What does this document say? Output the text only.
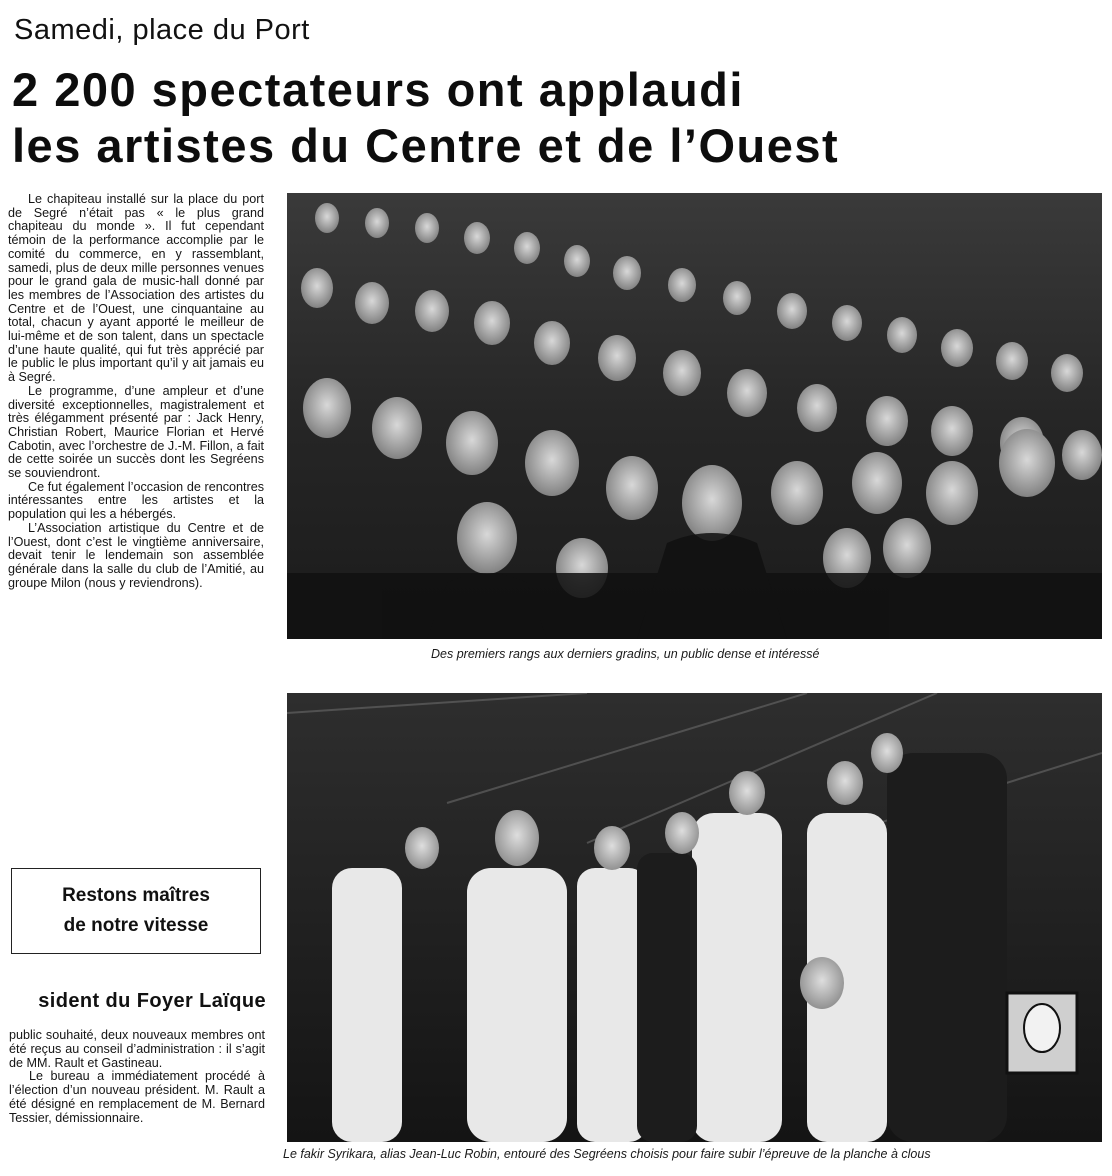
Samedi, place du Port
2 200 spectateurs ont applaudi
les artistes du Centre et de l’Ouest

Le chapiteau installé sur la place du port de Segré n’était pas « le plus grand chapiteau du monde ». Il fut cependant témoin de la performance accomplie par le comité du commerce, en y rassemblant, samedi, plus de deux mille personnes venues pour le grand gala de music-hall donné par les membres de l’Association des artistes du Centre et de l’Ouest, une cinquantaine au total, chacun y ayant apporté le meilleur de lui-même et de son talent, dans un spectacle d’une haute qualité, qui fut très apprécié par le public le plus important qu’il y ait jamais eu à Segré.

Le programme, d’une ampleur et d’une diversité exceptionnelles, magistralement et très élégamment présenté par : Jack Henry, Christian Robert, Maurice Florian et Hervé Cabotin, avec l’orchestre de J.-M. Fillon, a fait de cette soirée un succès dont les Segréens se souviendront.

Ce fut également l’occasion de rencontres intéressantes entre les artistes et la population qui les a hébergés.

L’Association artistique du Centre et de l’Ouest, dont c’est le vingtième anniversaire, devait tenir le lendemain son assemblée générale dans la salle du club de l’Amitié, au groupe Milon (nous y reviendrons).

Restons maîtres
de notre vitesse
sident du Foyer Laïque

public souhaité, deux nouveaux membres ont été reçus au conseil d’administration : il s’agit de MM. Rault et Gastineau.

Le bureau a immédiatement procédé à l’élection d’un nouveau président. M. Rault a été désigné en remplacement de M. Bernard Tessier, démissionnaire.

Des premiers rangs aux derniers gradins, un public dense et intéressé
Le fakir Syrikara, alias Jean-Luc Robin, entouré des Segréens choisis pour faire subir l’épreuve de la planche à clous
